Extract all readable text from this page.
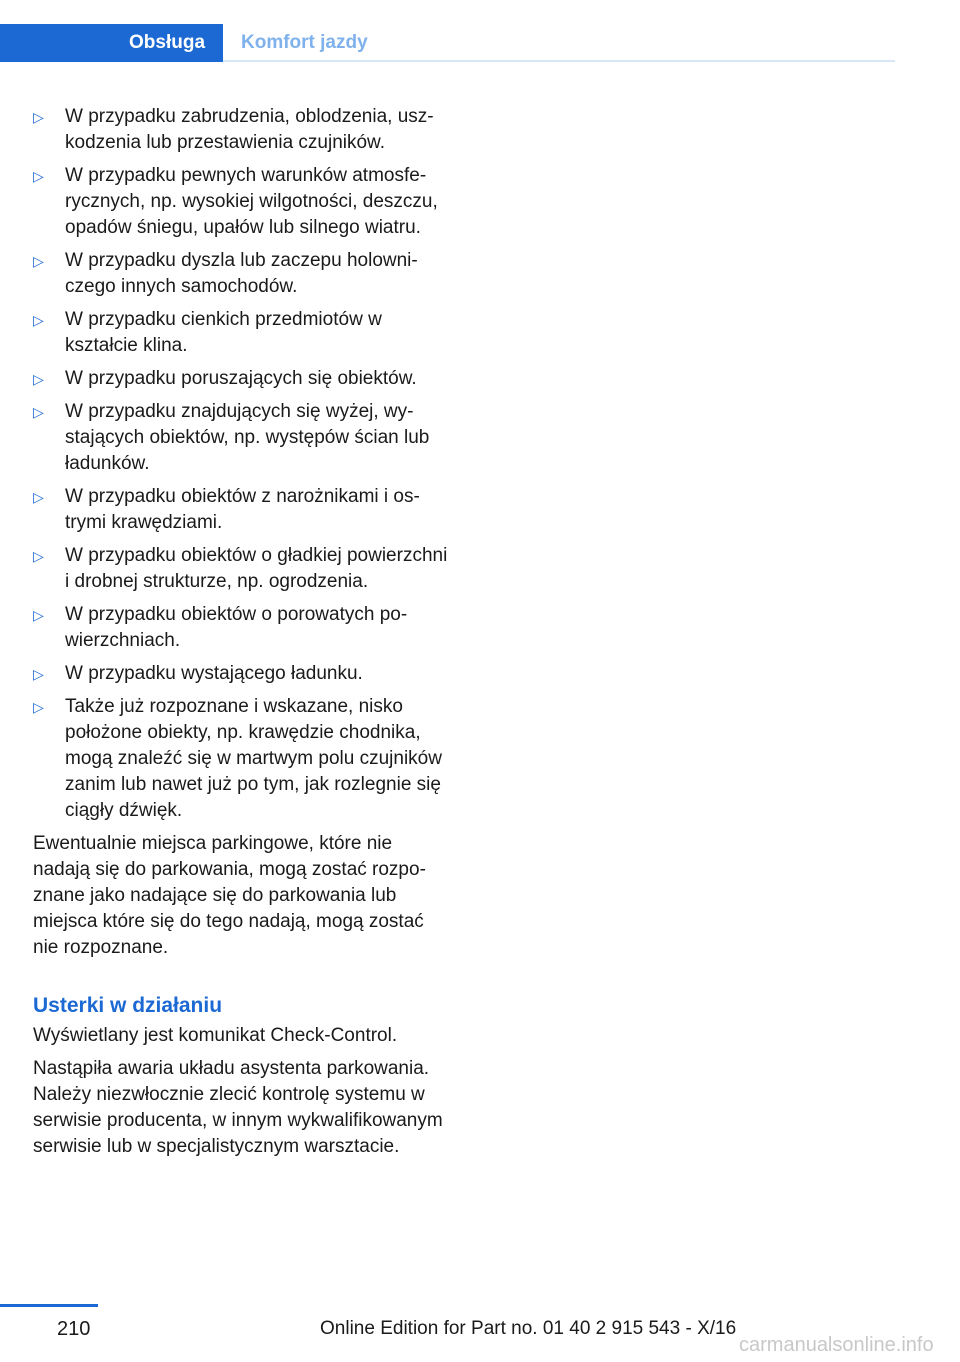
Obsługa	Komfort jazdy
▷ W przypadku zabrudzenia, oblodzenia, uszkodzenia lub przestawienia czujników.
▷ W przypadku pewnych warunków atmosferycznych, np. wysokiej wilgotności, deszczu, opadów śniegu, upałów lub silnego wiatru.
▷ W przypadku dyszla lub zaczepu holowniczego innych samochodów.
▷ W przypadku cienkich przedmiotów w kształcie klina.
▷ W przypadku poruszających się obiektów.
▷ W przypadku znajdujących się wyżej, wystających obiektów, np. występów ścian lub ładunków.
▷ W przypadku obiektów z narożnikami i ostrymi krawędziami.
▷ W przypadku obiektów o gładkiej powierzchni i drobnej strukturze, np. ogrodzenia.
▷ W przypadku obiektów o porowatych powierzchniach.
▷ W przypadku wystającego ładunku.
▷ Także już rozpoznane i wskazane, nisko położone obiekty, np. krawędzie chodnika, mogą znaleźć się w martwym polu czujników zanim lub nawet już po tym, jak rozlegnie się ciągły dźwięk.

Ewentualnie miejsca parkingowe, które nie nadają się do parkowania, mogą zostać rozpoznane jako nadające się do parkowania lub miejsca które się do tego nadają, mogą zostać nie rozpoznane.

Usterki w działaniu

Wyświetlany jest komunikat Check-Control.

Nastąpiła awaria układu asystenta parkowania. Należy niezwłocznie zlecić kontrolę systemu w serwisie producenta, w innym wykwalifikowanym serwisie lub w specjalistycznym warsztacie.

210	Online Edition for Part no. 01 40 2 915 543 - X/16
carmanualsonline.info
